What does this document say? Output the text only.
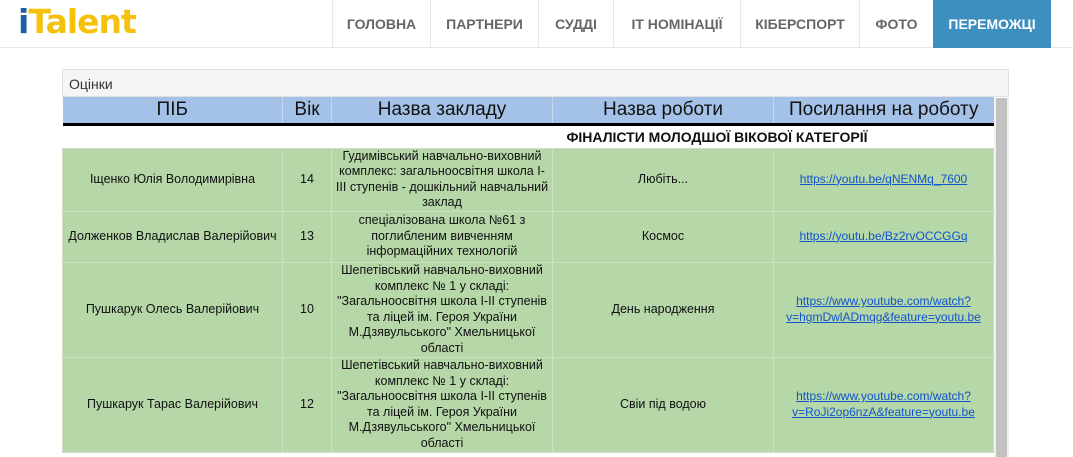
iTalent	ГОЛОВНА	ПАРТНЕРИ	СУДДІ	ІТ НОМІНАЦІЇ	КІБЕРСПОРТ	ФОТО	ПЕРЕМОЖЦІ
Оцінки
ПІБ	Вік	Назва закладу	Назва роботи	Посилання на роботу

ФІНАЛІСТИ МОЛОДШОЇ ВІКОВОЇ КАТЕГОРІЇ				
Іщенко Юлія Володимирівна	14	Гудимівський навчально-виховний комплекс: загальноосвітня школа І-ІІІ ступенів - дошкільний навчальний заклад	Любіть...	https://youtu.be/qNENMq_7600
Долженков Владислав Валерійович	13	спеціалізована школа №61 з поглибленим вивченням інформаційних технологій	Космос	https://youtu.be/Bz2rvOCCGGq
Пушкарук Олесь Валерійович	10	Шепетівський навчально-виховний комплекс № 1 у складі: "Загальноосвітня школа І-ІІ ступенів та ліцей ім. Героя України М.Дзявульського" Хмельницької області	День народження	https://www.youtube.com/watch?v=hgmDwlADmqg&feature=youtu.be
Пушкарук Тарас Валерійович	12	Шепетівський навчально-виховний комплекс № 1 у складі: "Загальноосвітня школа І-ІІ ступенів та ліцей ім. Героя України М.Дзявульського" Хмельницької області	Свіи під водою	https://www.youtube.com/watch?v=RoJi2op6nzA&feature=youtu.be
